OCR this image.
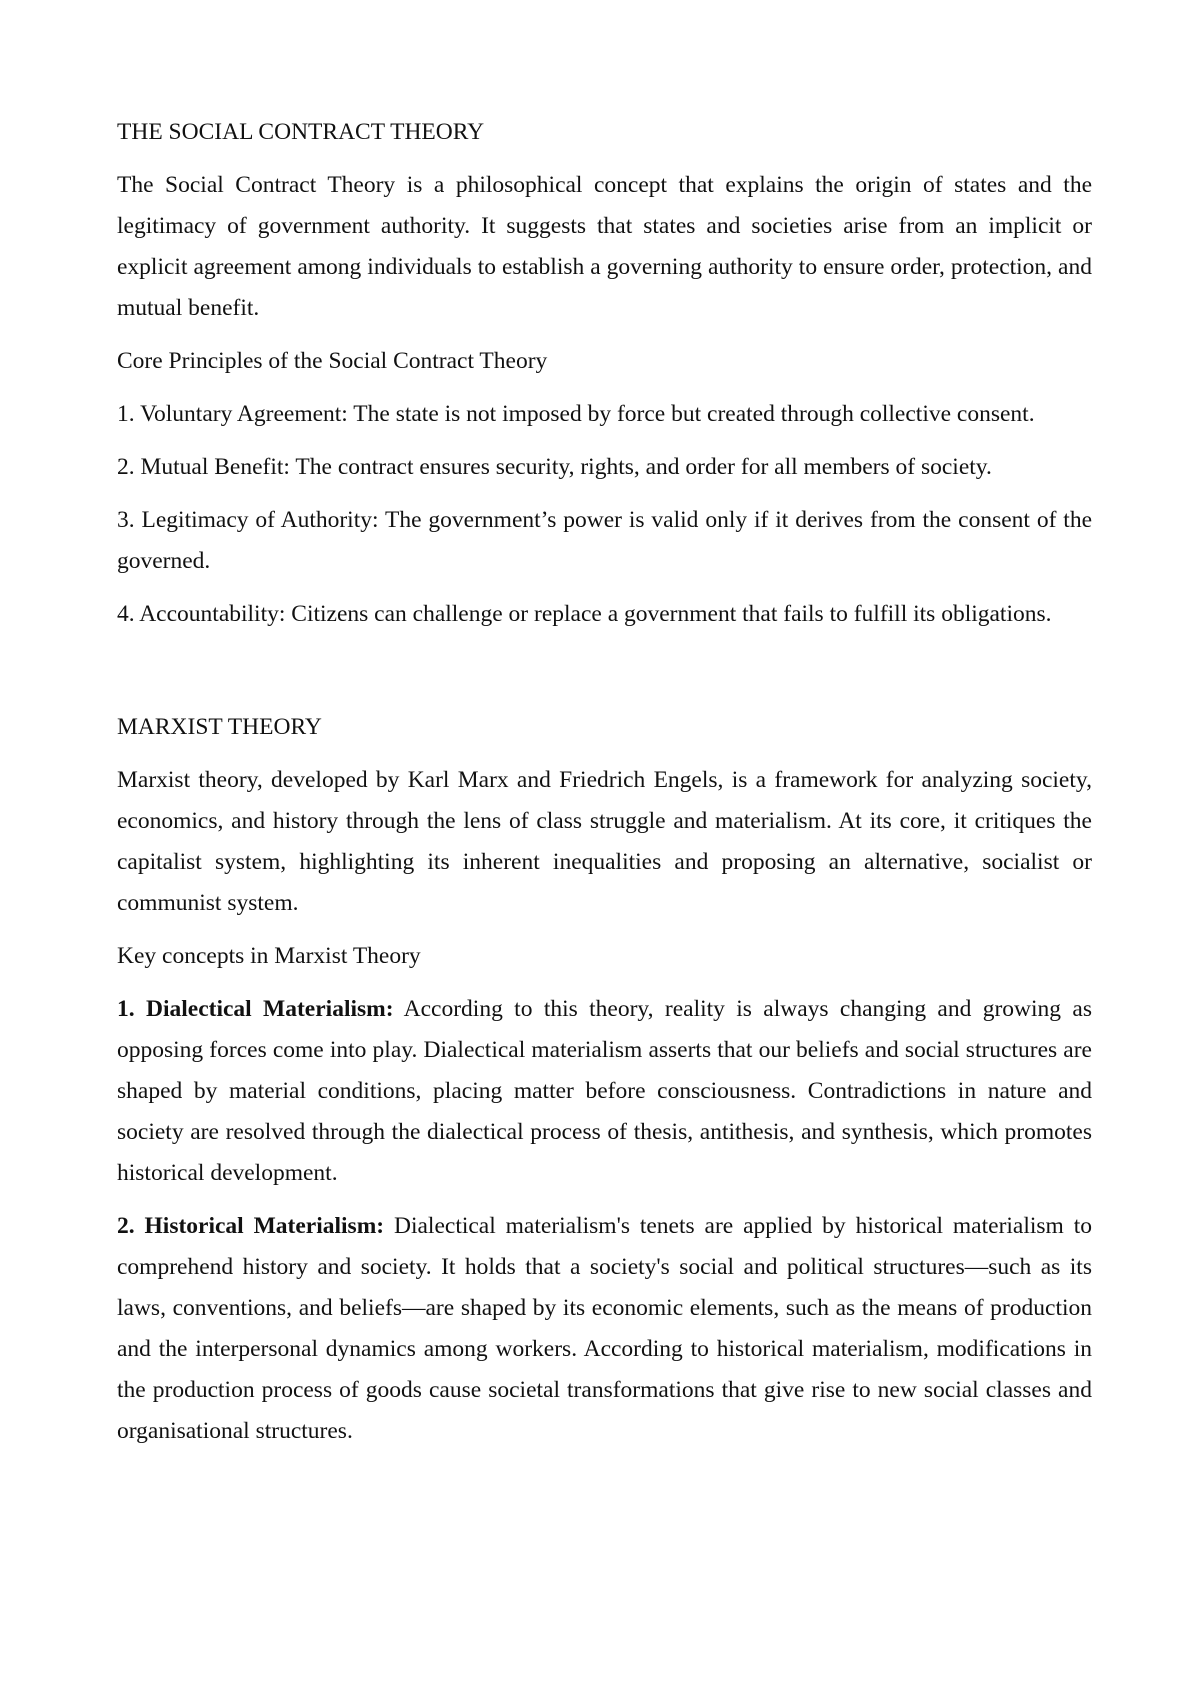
THE SOCIAL CONTRACT THEORY

The Social Contract Theory is a philosophical concept that explains the origin of states and the legitimacy of government authority. It suggests that states and societies arise from an implicit or explicit agreement among individuals to establish a governing authority to ensure order, protection, and mutual benefit.

Core Principles of the Social Contract Theory

1. Voluntary Agreement: The state is not imposed by force but created through collective consent.

2. Mutual Benefit: The contract ensures security, rights, and order for all members of society.

3. Legitimacy of Authority: The government’s power is valid only if it derives from the consent of the governed.

4. Accountability: Citizens can challenge or replace a government that fails to fulfill its obligations.

MARXIST THEORY

Marxist theory, developed by Karl Marx and Friedrich Engels, is a framework for analyzing society, economics, and history through the lens of class struggle and materialism. At its core, it critiques the capitalist system, highlighting its inherent inequalities and proposing an alternative, socialist or communist system.

Key concepts in Marxist Theory

1. Dialectical Materialism: According to this theory, reality is always changing and growing as opposing forces come into play. Dialectical materialism asserts that our beliefs and social structures are shaped by material conditions, placing matter before consciousness. Contradictions in nature and society are resolved through the dialectical process of thesis, antithesis, and synthesis, which promotes historical development.

2. Historical Materialism: Dialectical materialism's tenets are applied by historical materialism to comprehend history and society. It holds that a society's social and political structures—such as its laws, conventions, and beliefs—are shaped by its economic elements, such as the means of production and the interpersonal dynamics among workers. According to historical materialism, modifications in the production process of goods cause societal transformations that give rise to new social classes and organisational structures.
